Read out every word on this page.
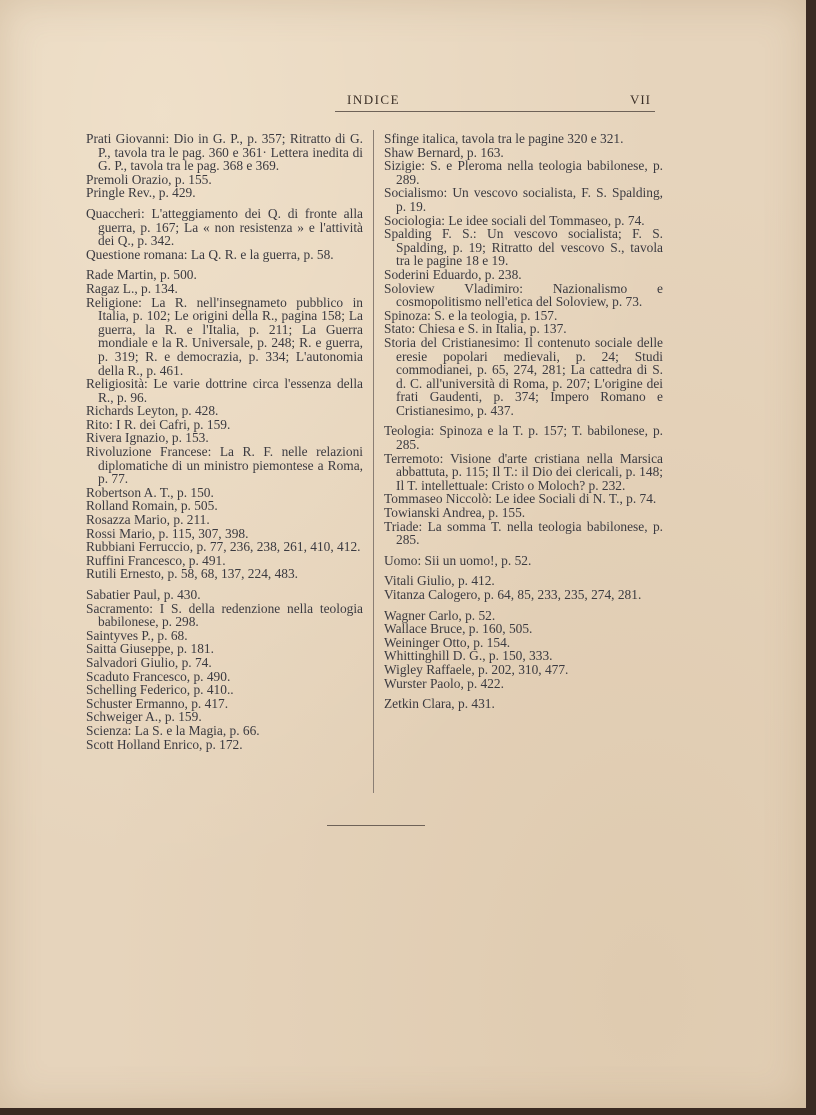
INDICE	VII

Prati Giovanni: Dio in G. P., p. 357; Ritratto di G. P., tavola tra le pag. 360 e 361· Lettera inedita di G. P., tavola tra le pag. 368 e 369.

Premoli Orazio, p. 155.

Pringle Rev., p. 429.

Quaccheri: L'atteggiamento dei Q. di fronte alla guerra, p. 167; La « non resistenza » e l'attività dei Q., p. 342.

Questione romana: La Q. R. e la guerra, p. 58.

Rade Martin, p. 500.

Ragaz L., p. 134.

Religione: La R. nell'insegnameto pubblico in Italia, p. 102; Le origini della R., pagina 158; La guerra, la R. e l'Italia, p. 211; La Guerra mondiale e la R. Universale, p. 248; R. e guerra, p. 319; R. e democrazia, p. 334; L'autonomia della R., p. 461.

Religiosità: Le varie dottrine circa l'essenza della R., p. 96.

Richards Leyton, p. 428.

Rito: I R. dei Cafri, p. 159.

Rivera Ignazio, p. 153.

Rivoluzione Francese: La R. F. nelle relazioni diplomatiche di un ministro piemontese a Roma, p. 77.

Robertson A. T., p. 150.

Rolland Romain, p. 505.

Rosazza Mario, p. 211.

Rossi Mario, p. 115, 307, 398.

Rubbiani Ferruccio, p. 77, 236, 238, 261, 410, 412.

Ruffini Francesco, p. 491.

Rutili Ernesto, p. 58, 68, 137, 224, 483.

Sabatier Paul, p. 430.

Sacramento: I S. della redenzione nella teologia babilonese, p. 298.

Saintyves P., p. 68.

Saitta Giuseppe, p. 181.

Salvadori Giulio, p. 74.

Scaduto Francesco, p. 490.

Schelling Federico, p. 410..

Schuster Ermanno, p. 417.

Schweiger A., p. 159.

Scienza: La S. e la Magia, p. 66.

Scott Holland Enrico, p. 172.

Sfinge italica, tavola tra le pagine 320 e 321.

Shaw Bernard, p. 163.

Sizigie: S. e Pleroma nella teologia babilonese, p. 289.

Socialismo: Un vescovo socialista, F. S. Spalding, p. 19.

Sociologia: Le idee sociali del Tommaseo, p. 74.

Spalding F. S.: Un vescovo socialista; F. S. Spalding, p. 19; Ritratto del vescovo S., tavola tra le pagine 18 e 19.

Soderini Eduardo, p. 238.

Soloview Vladimiro: Nazionalismo e cosmopolitismo nell'etica del Soloview, p. 73.

Spinoza: S. e la teologia, p. 157.

Stato: Chiesa e S. in Italia, p. 137.

Storia del Cristianesimo: Il contenuto sociale delle eresie popolari medievali, p. 24; Studi commodianei, p. 65, 274, 281; La cattedra di S. d. C. all'università di Roma, p. 207; L'origine dei frati Gaudenti, p. 374; Impero Romano e Cristianesimo, p. 437.

Teologia: Spinoza e la T. p. 157; T. babilonese, p. 285.

Terremoto: Visione d'arte cristiana nella Marsica abbattuta, p. 115; Il T.: il Dio dei clericali, p. 148; Il T. intellettuale: Cristo o Moloch? p. 232.

Tommaseo Niccolò: Le idee Sociali di N. T., p. 74.

Towianski Andrea, p. 155.

Triade: La somma T. nella teologia babilonese, p. 285.

Uomo: Sii un uomo!, p. 52.

Vitali Giulio, p. 412.

Vitanza Calogero, p. 64, 85, 233, 235, 274, 281.

Wagner Carlo, p. 52.

Wallace Bruce, p. 160, 505.

Weininger Otto, p. 154.

Whittinghill D. G., p. 150, 333.

Wigley Raffaele, p. 202, 310, 477.

Wurster Paolo, p. 422.

Zetkin Clara, p. 431.
